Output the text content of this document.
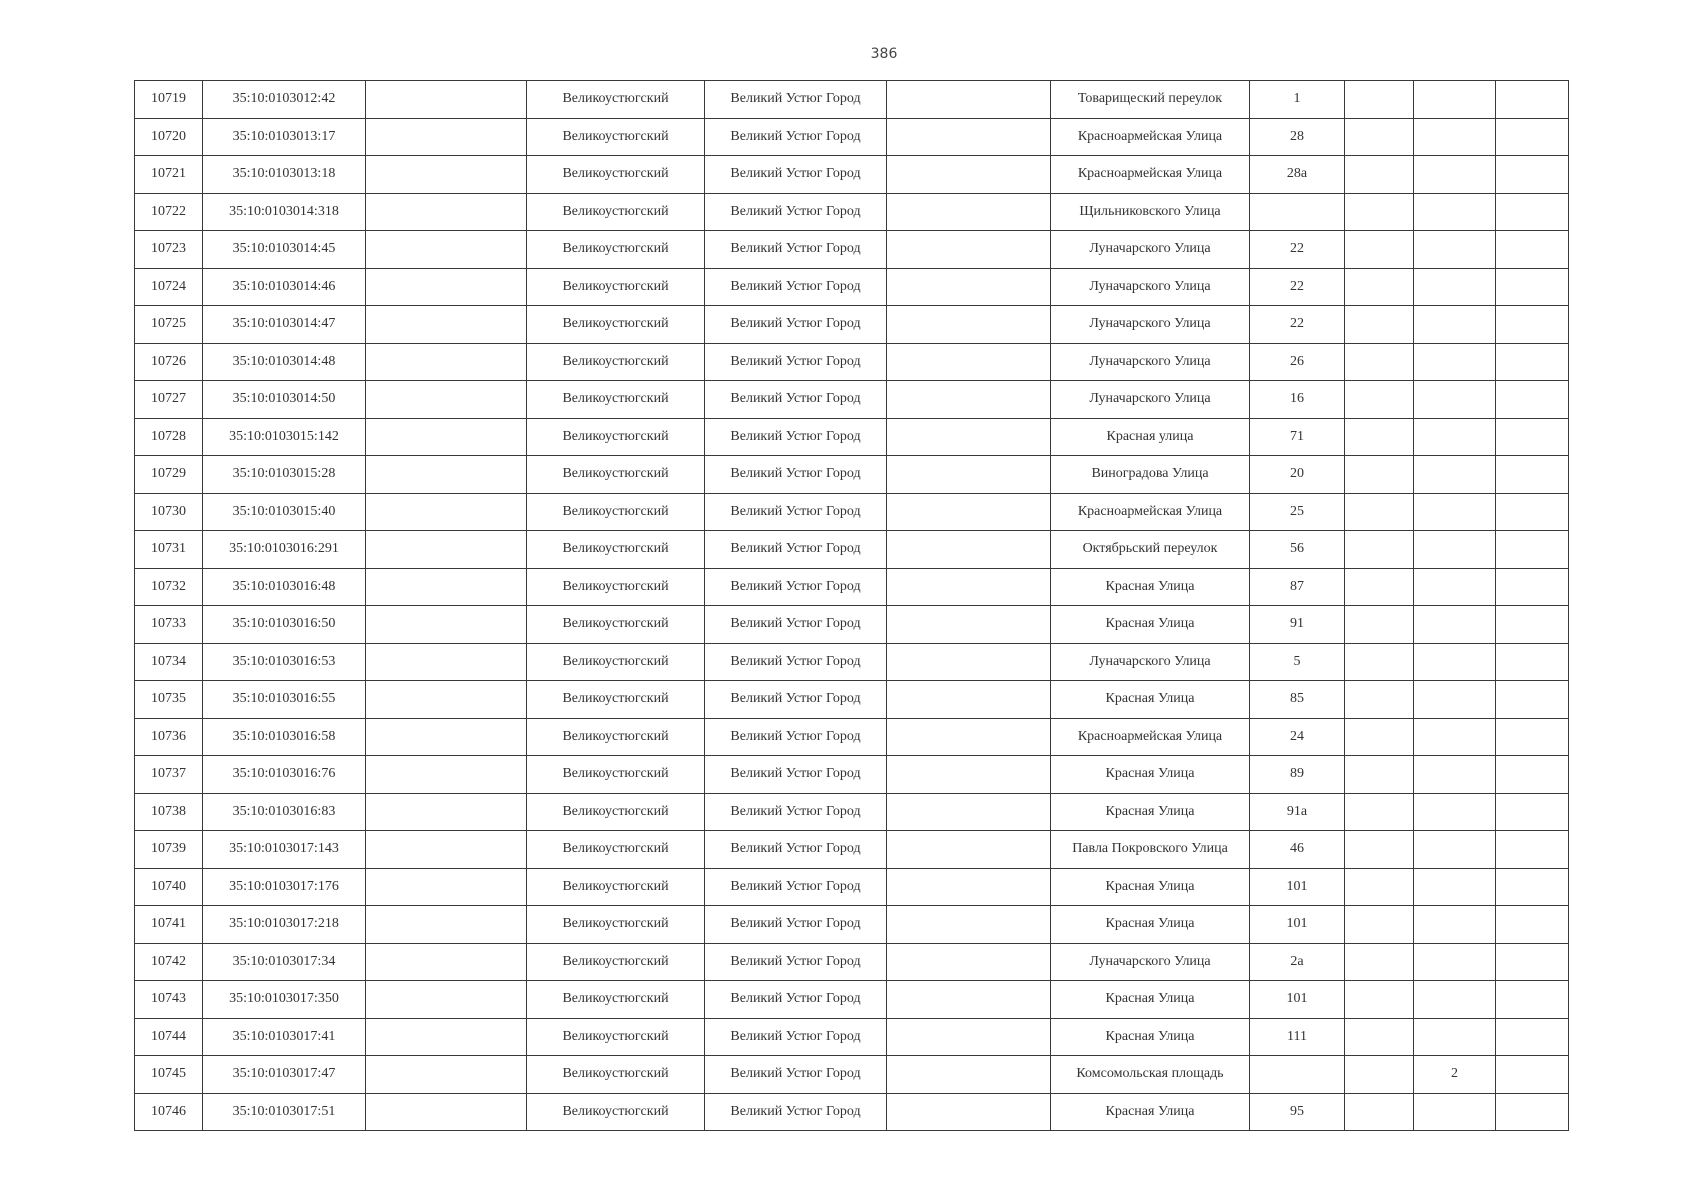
386
10719	35:10:0103012:42		Великоустюгский	Великий Устюг Город		Товарищеский переулок	1			
10720	35:10:0103013:17		Великоустюгский	Великий Устюг Город		Красноармейская Улица	28			
10721	35:10:0103013:18		Великоустюгский	Великий Устюг Город		Красноармейская Улица	28а			
10722	35:10:0103014:318		Великоустюгский	Великий Устюг Город		Щильниковского Улица				
10723	35:10:0103014:45		Великоустюгский	Великий Устюг Город		Луначарского Улица	22			
10724	35:10:0103014:46		Великоустюгский	Великий Устюг Город		Луначарского Улица	22			
10725	35:10:0103014:47		Великоустюгский	Великий Устюг Город		Луначарского Улица	22			
10726	35:10:0103014:48		Великоустюгский	Великий Устюг Город		Луначарского Улица	26			
10727	35:10:0103014:50		Великоустюгский	Великий Устюг Город		Луначарского Улица	16			
10728	35:10:0103015:142		Великоустюгский	Великий Устюг Город		Красная улица	71			
10729	35:10:0103015:28		Великоустюгский	Великий Устюг Город		Виноградова Улица	20			
10730	35:10:0103015:40		Великоустюгский	Великий Устюг Город		Красноармейская Улица	25			
10731	35:10:0103016:291		Великоустюгский	Великий Устюг Город		Октябрьский переулок	56			
10732	35:10:0103016:48		Великоустюгский	Великий Устюг Город		Красная Улица	87			
10733	35:10:0103016:50		Великоустюгский	Великий Устюг Город		Красная Улица	91			
10734	35:10:0103016:53		Великоустюгский	Великий Устюг Город		Луначарского Улица	5			
10735	35:10:0103016:55		Великоустюгский	Великий Устюг Город		Красная Улица	85			
10736	35:10:0103016:58		Великоустюгский	Великий Устюг Город		Красноармейская Улица	24			
10737	35:10:0103016:76		Великоустюгский	Великий Устюг Город		Красная Улица	89			
10738	35:10:0103016:83		Великоустюгский	Великий Устюг Город		Красная Улица	91а			
10739	35:10:0103017:143		Великоустюгский	Великий Устюг Город		Павла Покровского Улица	46			
10740	35:10:0103017:176		Великоустюгский	Великий Устюг Город		Красная Улица	101			
10741	35:10:0103017:218		Великоустюгский	Великий Устюг Город		Красная Улица	101			
10742	35:10:0103017:34		Великоустюгский	Великий Устюг Город		Луначарского Улица	2а			
10743	35:10:0103017:350		Великоустюгский	Великий Устюг Город		Красная Улица	101			
10744	35:10:0103017:41		Великоустюгский	Великий Устюг Город		Красная Улица	111			
10745	35:10:0103017:47		Великоустюгский	Великий Устюг Город		Комсомольская площадь			2	
10746	35:10:0103017:51		Великоустюгский	Великий Устюг Город		Красная Улица	95			
